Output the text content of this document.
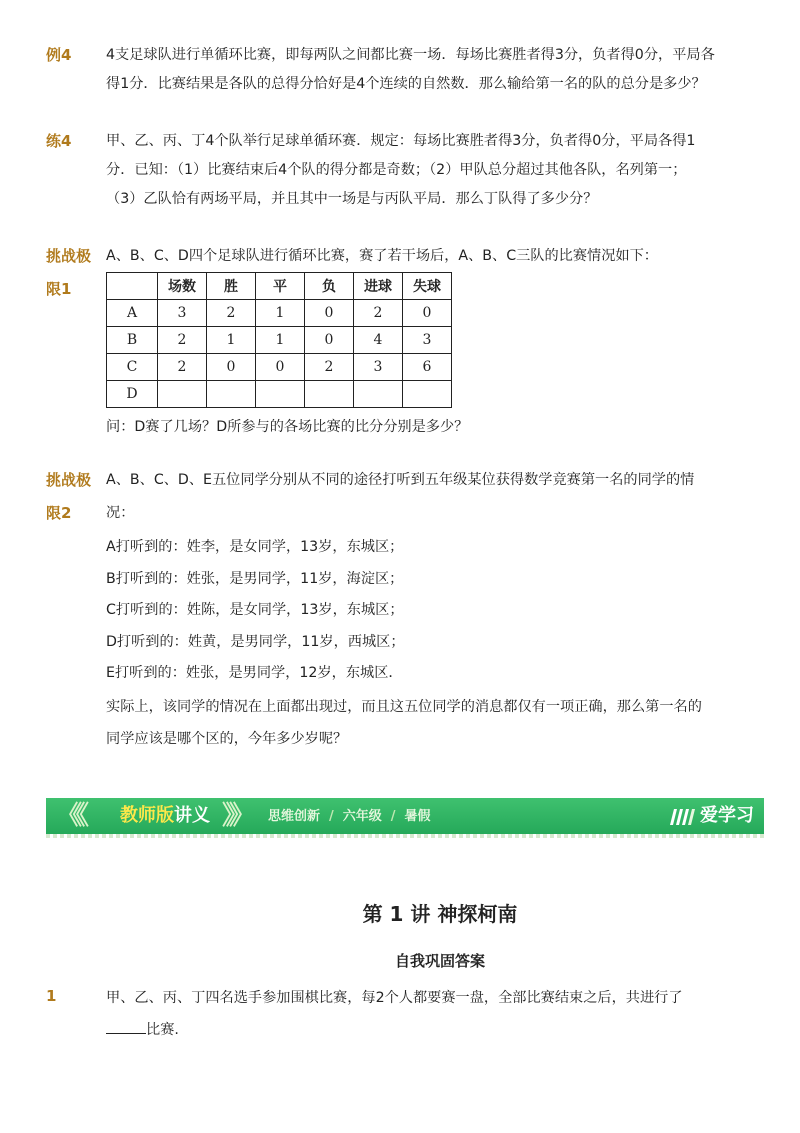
例4 4支足球队进行单循环比赛，即每两队之间都比赛一场．每场比赛胜者得3分，负者得0分，平局各
得1分．比赛结果是各队的总得分恰好是4个连续的自然数．那么输给第一名的队的总分是多少？
练4 甲、乙、丙、丁4个队举行足球单循环赛．规定：每场比赛胜者得3分，负者得0分，平局各得1
分．已知：（1）比赛结束后4个队的得分都是奇数；（2）甲队总分超过其他各队，名列第一；
（3）乙队恰有两场平局，并且其中一场是与丙队平局．那么丁队得了多少分？
挑战极
限1
A、B、C、D四个足球队进行循环比赛，赛了若干场后，A、B、C三队的比赛情况如下：
	场数	胜	平	负	进球	失球
A	3	2	1	0	2	0
B	2	1	1	0	4	3
C	2	0	0	2	3	6
D						
问：D赛了几场？D所参与的各场比赛的比分分别是多少？
挑战极
限2
A、B、C、D、E五位同学分别从不同的途径打听到五年级某位获得数学竞赛第一名的同学的情
况：
A打听到的：姓李，是女同学，13岁，东城区；
B打听到的：姓张，是男同学，11岁，海淀区；
C打听到的：姓陈，是女同学，13岁，东城区；
D打听到的：姓黄，是男同学，11岁，西城区；
E打听到的：姓张，是男同学，12岁，东城区．
实际上，该同学的情况在上面都出现过，而且这五位同学的消息都仅有一项正确，那么第一名的
同学应该是哪个区的，今年多少岁呢？
《《 教师版讲义 》》 思维创新 / 六年级 / 暑假	爱学习
第 1 讲 神探柯南
自我巩固答案
1	甲、乙、丙、丁四名选手参加围棋比赛，每2个人都要赛一盘，全部比赛结束之后，共进行了
比赛.
